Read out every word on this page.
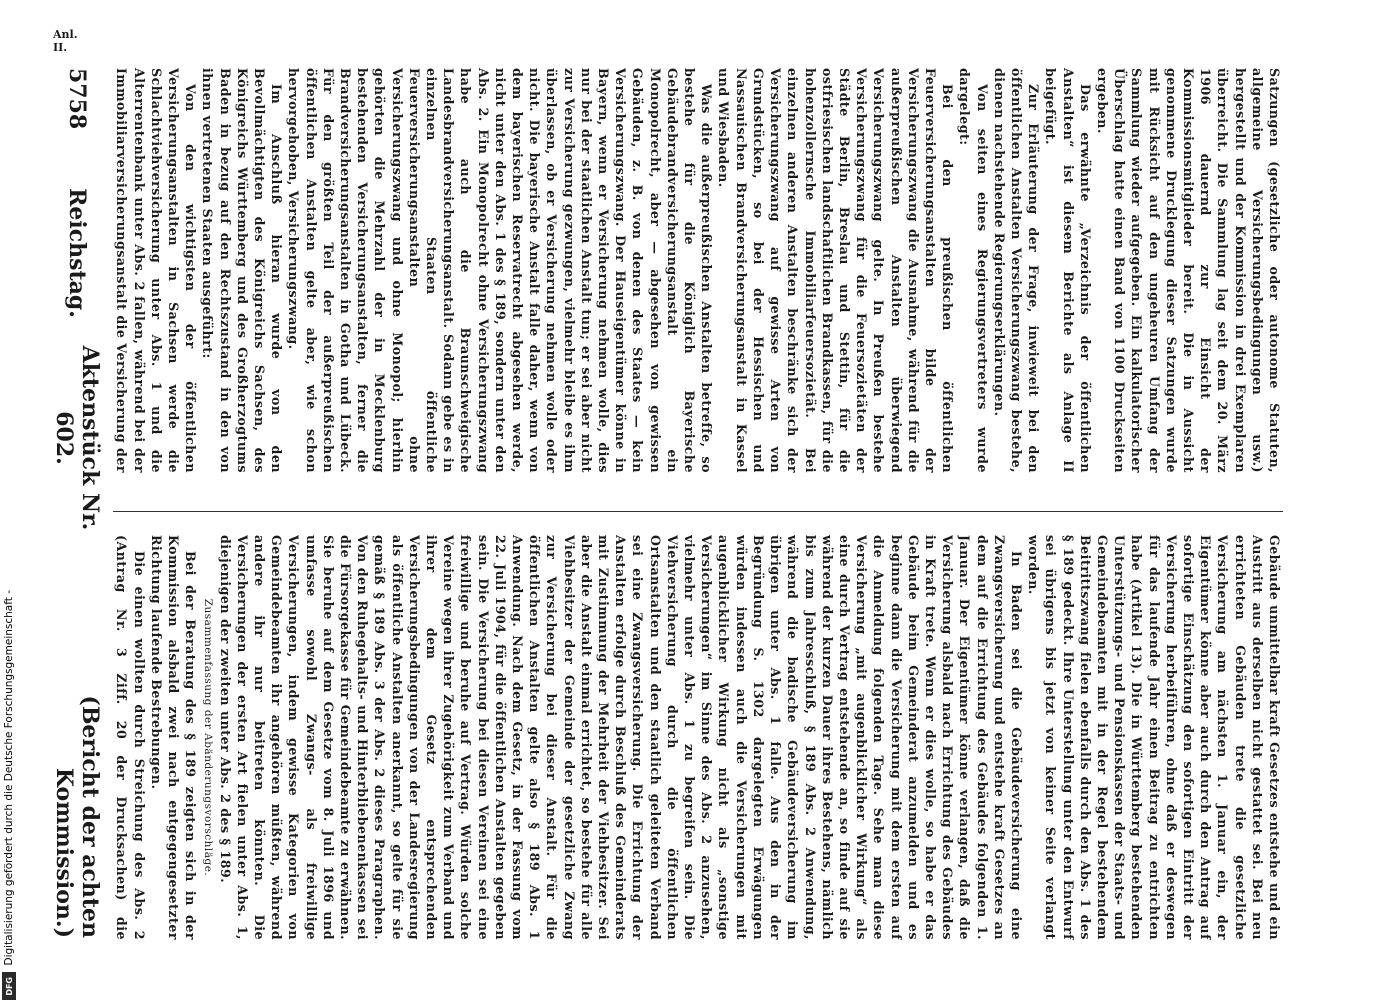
5758
Reichstag.
Aktenstück Nr. 602.
(Bericht der achten Kommission.)

Satzungen (gesetzliche oder autonome Statuten, allgemeine Versicherungsbedingungen usw.) hergestellt und der Kommission in drei Exemplaren überreicht. Die Sammlung lag seit dem 20. März 1906 dauernd zur Einsicht der Kommissionsmitglieder bereit. Die in Aussicht genommene Drucklegung dieser Satzungen wurde mit Rücksicht auf den ungeheuren Umfang der Sammlung wieder aufgegeben. Ein kalkulatorischer Überschlag hatte einen Band von 1100 Druckseiten ergeben.

Das erwähnte „Verzeichnis der öffentlichen Anstalten“ ist diesem Berichte als Anlage II beigefügt.

Zur Erläuterung der Frage, inwieweit bei den öffentlichen Anstalten Versicherungszwang bestehe, dienen nachstehende Regierungserklärungen.

Von seiten eines Regierungsvertreters wurde dargelegt:

Bei den preußischen öffentlichen Feuerversicherungsanstalten bilde der Versicherungszwang die Ausnahme, während für die außerpreußischen Anstalten überwiegend Versicherungszwang gelte. In Preußen bestehe Versicherungszwang für die Feuersozietäten der Städte Berlin, Breslau und Stettin, für die ostfriesischen landschaftlichen Brandkassen, für die hohenzollernsche Immobiliarfeuersozietät. Bei einzelnen anderen Anstalten beschränke sich der Versicherungszwang auf gewisse Arten von Grundstücken, so bei der Hessischen und Nassauischen Brandversicherungsanstalt in Kassel und Wiesbaden.

Was die außerpreußischen Anstalten betreffe, so bestehe für die Königlich Bayerische Gebäudebrandversicherungsanstalt ein Monopolrecht, aber — abgesehen von gewissen Gebäuden, z. B. von denen des Staates — kein Versicherungszwang. Der Hauseigentümer könne in Bayern, wenn er Versicherung nehmen wolle, dies nur bei der staatlichen Anstalt tun; er sei aber nicht zur Versicherung gezwungen, vielmehr bleibe es ihm überlassen, ob er Versicherung nehmen wolle oder nicht. Die bayerische Anstalt falle daher, wenn von dem bayerischen Reservatrecht abgesehen werde, nicht unter den Abs. 1 des § 189, sondern unter den Abs. 2. Ein Monopolrecht ohne Versicherungszwang habe auch die Braunschweigische Landesbrandversicherungsanstalt. Sodann gebe es in einzelnen Staaten öffentliche Feuerversicherungsanstalten ohne Versicherungszwang und ohne Monopol; hierhin gehörten die Mehrzahl der in Mecklenburg bestehenden Versicherungsanstalten, ferner die Brandversicherungsanstalten in Gotha und Lübeck. Für den größten Teil der außerpreußischen öffentlichen Anstalten gelte aber, wie schon hervorgehoben, Versicherungszwang.

Im Anschluß hieran wurde von den Bevollmächtigten des Königreichs Sachsen, des Königreichs Württemberg und des Großherzogtums Baden in bezug auf den Rechtszustand in den von ihnen vertretenen Staaten ausgeführt:

Von den wichtigsten der öffentlichen Versicherungsanstalten in Sachsen werde die Schlachtviehversicherung unter Abs. 1 und die Alterrentenbank unter Abs. 2 fallen, während bei der Immobiliarversicherungsanstalt die Versicherung der

Gebäude unmittelbar kraft Gesetzes entstehe und ein Austritt aus derselben nicht gestattet sei. Bei neu errichteten Gebäuden trete die gesetzliche Versicherung am nächsten 1. Januar ein, der Eigentümer könne aber auch durch den Antrag auf sofortige Einschätzung den sofortigen Eintritt der Versicherung herbeiführen, ohne daß er deswegen für das laufende Jahr einen Beitrag zu entrichten habe (Artikel 13). Die in Württemberg bestehenden Unterstützungs- und Pensionskassen der Staats- und Gemeindebeamten mit in der Regel bestehendem Beitrittszwang fielen ebenfalls durch den Abs. 1 des § 189 gedeckt. Ihre Unterstellung unter den Entwurf sei übrigens bis jetzt von keiner Seite verlangt worden.

In Baden sei die Gebäudeversicherung eine Zwangsversicherung und entstehe kraft Gesetzes an dem auf die Errichtung des Gebäudes folgenden 1. Januar. Der Eigentümer könne verlangen, daß die Versicherung alsbald nach Errichtung des Gebäudes in Kraft trete. Wenn er dies wolle, so habe er das Gebäude beim Gemeinderat anzumelden und es beginne dann die Versicherung mit dem ersten auf die Anmeldung folgenden Tage. Sehe man diese Versicherung „mit augenblicklicher Wirkung“ als eine durch Vertrag entstehende an, so finde auf sie während der kurzen Dauer ihres Bestehens, nämlich bis zum Jahresschluß, § 189 Abs. 2 Anwendung, während die badische Gebäudeversicherung im übrigen unter Abs. 1 falle. Aus den in der Begründung S. 1302 dargelegten Erwägungen würden indessen auch die Versicherungen mit augenblicklicher Wirkung nicht als „sonstige Versicherungen“ im Sinne des Abs. 2 anzusehen, vielmehr unter Abs. 1 zu begreifen sein. Die Viehversicherung durch die öffentlichen Ortsanstalten und den staatlich geleiteten Verband sei eine Zwangsversicherung. Die Errichtung der Anstalten erfolge durch Beschluß des Gemeinderats mit Zustimmung der Mehrheit der Viehbesitzer. Sei aber die Anstalt einmal errichtet, so bestehe für alle Viehbesitzer der Gemeinde der gesetzliche Zwang zur Versicherung bei dieser Anstalt. Für die öffentlichen Anstalten gelte also § 189 Abs. 1 Anwendung. Nach dem Gesetz, in der Fassung vom 22. Juli 1904, für die öffentlichen Anstalten gegeben sein. Die Versicherung bei diesen Vereinen sei eine freiwillige und beruhe auf Vertrag. Würden solche Vereine wegen ihrer Zugehörigkeit zum Verband und ihrer dem Gesetz entsprechenden Versicherungsbedingungen von der Landesregierung als öffentliche Anstalten anerkannt, so gelte für sie gemäß § 189 Abs. 3 der Abs. 2 dieses Paragraphen. Von den Ruhegehalts- und Hinterbliebenenkassen sei die Fürsorgekasse für Gemeindebeamte zu erwähnen. Sie beruhe auf dem Gesetze vom 8. Juli 1896 und umfasse sowohl Zwangs- als freiwillige Versicherungen, indem gewisse Kategorien von Gemeindebeamten ihr angehören müßten, während andere ihr nur beitreten könnten. Die Versicherungen der ersten Art fielen unter Abs. 1, diejenigen der zweiten unter Abs. 2 des § 189.

Zusammenfassung der Abänderungsvorschläge.

Bei der Beratung des § 189 zeigten sich in der Kommission alsbald zwei nach entgegengesetzter Richtung laufende Bestrebungen.

Die einen wollten durch Streichung des Abs. 2 (Antrag Nr. 3 Ziff. 20 der Drucksachen) die

Anl. II.
Digitalisierung gefördert durch die Deutsche Forschungsgemeinschaft -
DFG
